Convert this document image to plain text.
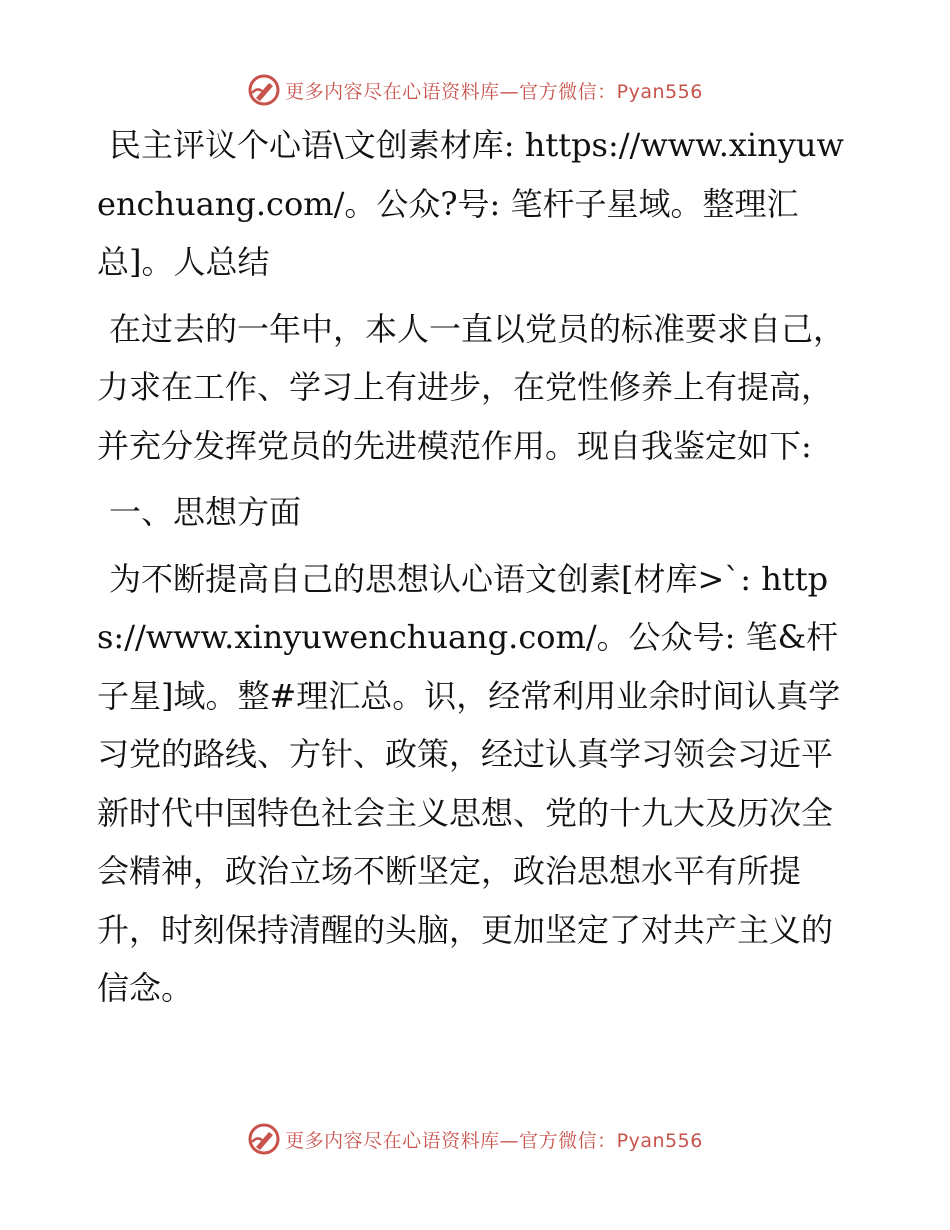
更多内容尽在心语资料库—官方微信：Pyan556

民主评议个心语\文创素材库: https://www.xinyuwenchuang.com/。公众?号: 笔杆子星域。整理汇总]。人总结

在过去的一年中，本人一直以党员的标准要求自己，力求在工作、学习上有进步，在党性修养上有提高，并充分发挥党员的先进模范作用。现自我鉴定如下:

一、思想方面

为不断提高自己的思想认心语文创素[材库>`: https://www.xinyuwenchuang.com/。公众号: 笔&杆子星]域。整#理汇总。识，经常利用业余时间认真学习党的路线、方针、政策，经过认真学习领会习近平新时代中国特色社会主义思想、党的十九大及历次全会精神，政治立场不断坚定，政治思想水平有所提升，时刻保持清醒的头脑，更加坚定了对共产主义的信念。

更多内容尽在心语资料库—官方微信：Pyan556
